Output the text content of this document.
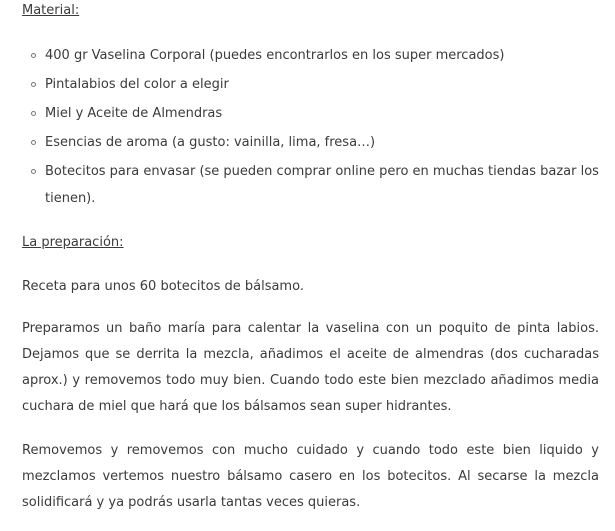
Material:

400 gr Vaselina Corporal (puedes encontrarlos en los super mercados)
Pintalabios del color a elegir
Miel y Aceite de Almendras
Esencias de aroma (a gusto: vainilla, lima, fresa…)
Botecitos para envasar (se pueden comprar online pero en muchas tiendas bazar los tienen).

La preparación:

Receta para unos 60 botecitos de bálsamo.

Preparamos un baño maría para calentar la vaselina con un poquito de pinta labios. Dejamos que se derrita la mezcla, añadimos el aceite de almendras (dos cucharadas aprox.) y removemos todo muy bien. Cuando todo este bien mezclado añadimos media cuchara de miel que hará que los bálsamos sean super hidrantes.

Removemos y removemos con mucho cuidado y cuando todo este bien liquido y mezclamos vertemos nuestro bálsamo casero en los botecitos. Al secarse la mezcla solidificará y ya podrás usarla tantas veces quieras.
